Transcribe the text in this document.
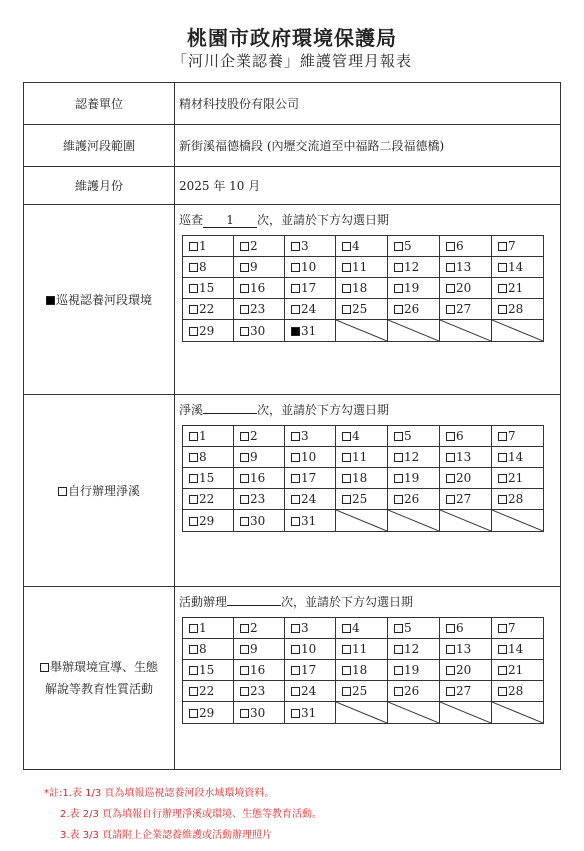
桃園市政府環境保護局
「河川企業認養」維護管理月報表
認養單位	精材科技股份有限公司
維護河段範圍	新街溪福德橋段 (內壢交流道至中福路二段福德橋)
維護月份	2025 年 10 月
巡視認養河段環境	
巡查 1 次，並請於下方勾選日期
1	2	3	4	5	6	7
8	9	10	11	12	13	14
15	16	17	18	19	20	21
22	23	24	25	26	27	28
29	30	31	

自行辦理淨溪	
淨溪	次，並請於下方勾選日期
1	2	3	4	5	6	7
8	9	10	11	12	13	14
15	16	17	18	19	20	21
22	23	24	25	26	27	28
29	30	31	

舉辦環境宣導、生態
解說等教育性質活動	
活動辦理	次，並請於下方勾選日期
1	2	3	4	5	6	7
8	9	10	11	12	13	14
15	16	17	18	19	20	21
22	23	24	25	26	27	28
29	30	31	

*註:1.表 1/3 頁為填報巡視認養河段水域環境資料。
2.表 2/3 頁為填報自行辦理淨溪或環境、生態等教育活動。
3.表 3/3 頁請附上企業認養維護或活動辦理照片
